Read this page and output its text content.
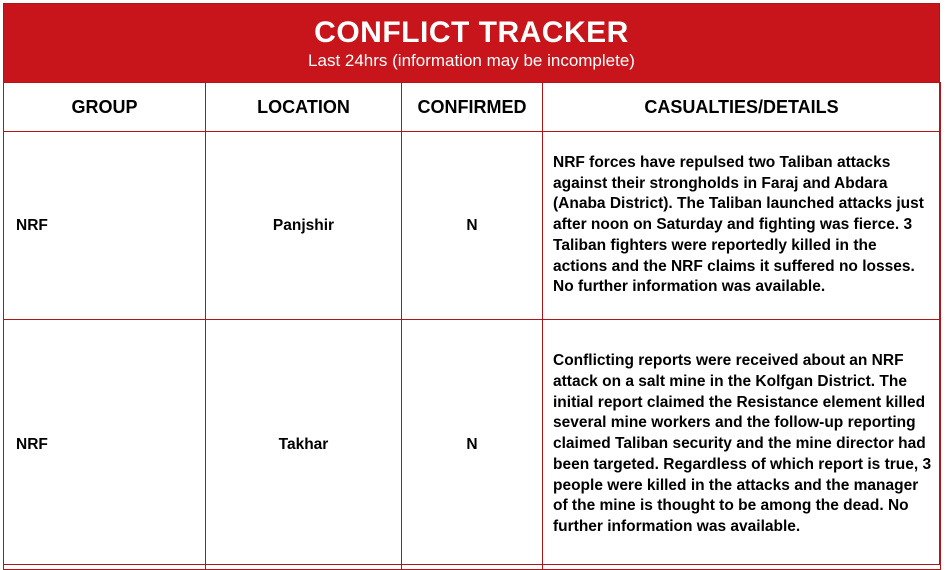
CONFLICT TRACKER
Last 24hrs (information may be incomplete)
GROUP	LOCATION	CONFIRMED	CASUALTIES/DETAILS
NRF	Panjshir	N	NRF forces have repulsed two Taliban attacks against their strongholds in Faraj and Abdara (Anaba District). The Taliban launched attacks just after noon on Saturday and fighting was fierce. 3 Taliban fighters were reportedly killed in the actions and the NRF claims it suffered no losses. No further information was available.
NRF	Takhar	N	Conflicting reports were received about an NRF attack on a salt mine in the Kolfgan District. The initial report claimed the Resistance element killed several mine workers and the follow-up reporting claimed Taliban security and the mine director had been targeted. Regardless of which report is true, 3 people were killed in the attacks and the manager of the mine is thought to be among the dead. No further information was available.
